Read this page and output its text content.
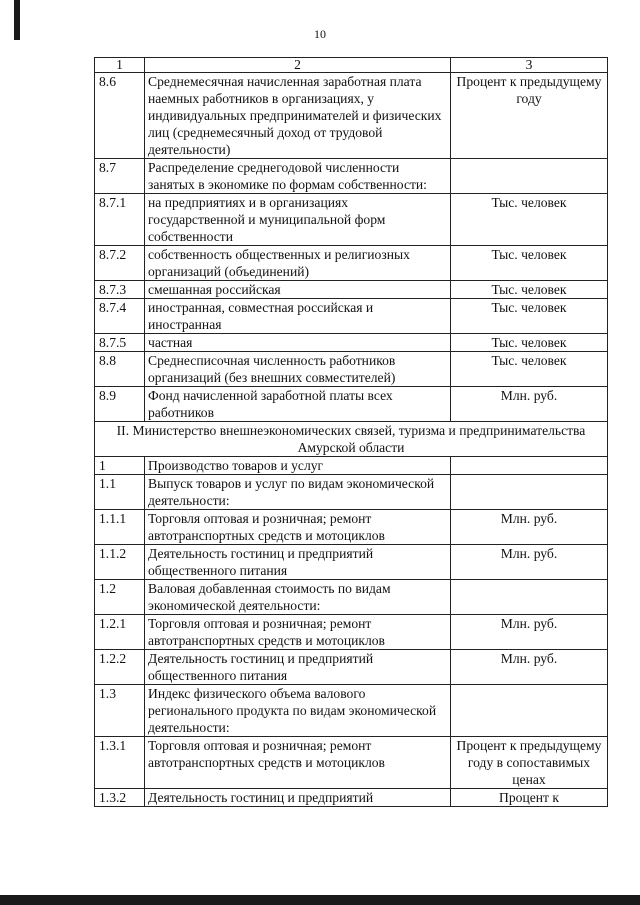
10
1	2	3
8.6	Среднемесячная начисленная заработная плата наемных работников в организациях, у индивидуальных предпринимателей и физических лиц (среднемесячный доход от трудовой деятельности)	Процент к предыдущему году
8.7	Распределение среднегодовой численности занятых в экономике по формам собственности:	
8.7.1	на предприятиях и в организациях государственной и муниципальной форм собственности	Тыс. человек
8.7.2	собственность общественных и религиозных организаций (объединений)	Тыс. человек
8.7.3	смешанная российская	Тыс. человек
8.7.4	иностранная, совместная российская и иностранная	Тыс. человек
8.7.5	частная	Тыс. человек
8.8	Среднесписочная численность работников организаций (без внешних совместителей)	Тыс. человек
8.9	Фонд начисленной заработной платы всех работников	Млн. руб.
II. Министерство внешнеэкономических связей, туризма и предпринимательства Амурской области		
1	Производство товаров и услуг	
1.1	Выпуск товаров и услуг по видам экономической деятельности:	
1.1.1	Торговля оптовая и розничная; ремонт автотранспортных средств и мотоциклов	Млн. руб.
1.1.2	Деятельность гостиниц и предприятий общественного питания	Млн. руб.
1.2	Валовая добавленная стоимость по видам экономической деятельности:	
1.2.1	Торговля оптовая и розничная; ремонт автотранспортных средств и мотоциклов	Млн. руб.
1.2.2	Деятельность гостиниц и предприятий общественного питания	Млн. руб.
1.3	Индекс физического объема валового регионального продукта по видам экономической деятельности:	
1.3.1	Торговля оптовая и розничная; ремонт автотранспортных средств и мотоциклов	Процент к предыдущему году в сопоставимых ценах
1.3.2	Деятельность гостиниц и предприятий	Процент к
